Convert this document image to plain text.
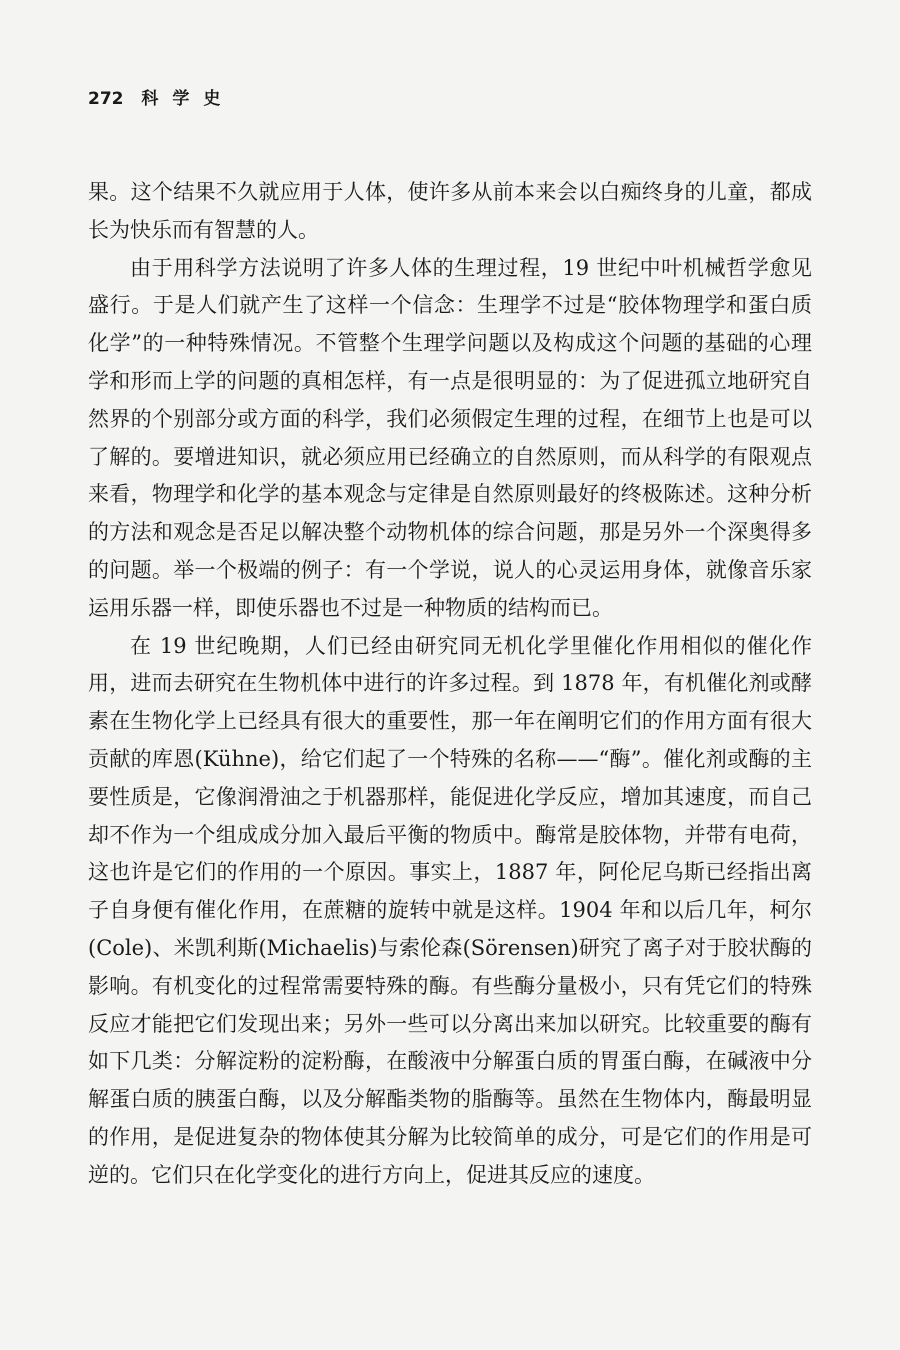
272 科学史

果。这个结果不久就应用于人体，使许多从前本来会以白痴终身的儿童，都成长为快乐而有智慧的人。

由于用科学方法说明了许多人体的生理过程，19 世纪中叶机械哲学愈见盛行。于是人们就产生了这样一个信念：生理学不过是“胶体物理学和蛋白质化学”的一种特殊情况。不管整个生理学问题以及构成这个问题的基础的心理学和形而上学的问题的真相怎样，有一点是很明显的：为了促进孤立地研究自然界的个别部分或方面的科学，我们必须假定生理的过程，在细节上也是可以了解的。要增进知识，就必须应用已经确立的自然原则，而从科学的有限观点来看，物理学和化学的基本观念与定律是自然原则最好的终极陈述。这种分析的方法和观念是否足以解决整个动物机体的综合问题，那是另外一个深奥得多的问题。举一个极端的例子：有一个学说，说人的心灵运用身体，就像音乐家运用乐器一样，即使乐器也不过是一种物质的结构而已。

在 19 世纪晚期，人们已经由研究同无机化学里催化作用相似的催化作用，进而去研究在生物机体中进行的许多过程。到 1878 年，有机催化剂或酵素在生物化学上已经具有很大的重要性，那一年在阐明它们的作用方面有很大贡献的库恩(Kühne)，给它们起了一个特殊的名称——“酶”。催化剂或酶的主要性质是，它像润滑油之于机器那样，能促进化学反应，增加其速度，而自己却不作为一个组成成分加入最后平衡的物质中。酶常是胶体物，并带有电荷，这也许是它们的作用的一个原因。事实上，1887 年，阿伦尼乌斯已经指出离子自身便有催化作用，在蔗糖的旋转中就是这样。1904 年和以后几年，柯尔(Cole)、米凯利斯(Michaelis)与索伦森(Sörensen)研究了离子对于胶状酶的影响。有机变化的过程常需要特殊的酶。有些酶分量极小，只有凭它们的特殊反应才能把它们发现出来；另外一些可以分离出来加以研究。比较重要的酶有如下几类：分解淀粉的淀粉酶，在酸液中分解蛋白质的胃蛋白酶，在碱液中分解蛋白质的胰蛋白酶，以及分解酯类物的脂酶等。虽然在生物体内，酶最明显的作用，是促进复杂的物体使其分解为比较简单的成分，可是它们的作用是可逆的。它们只在化学变化的进行方向上，促进其反应的速度。
